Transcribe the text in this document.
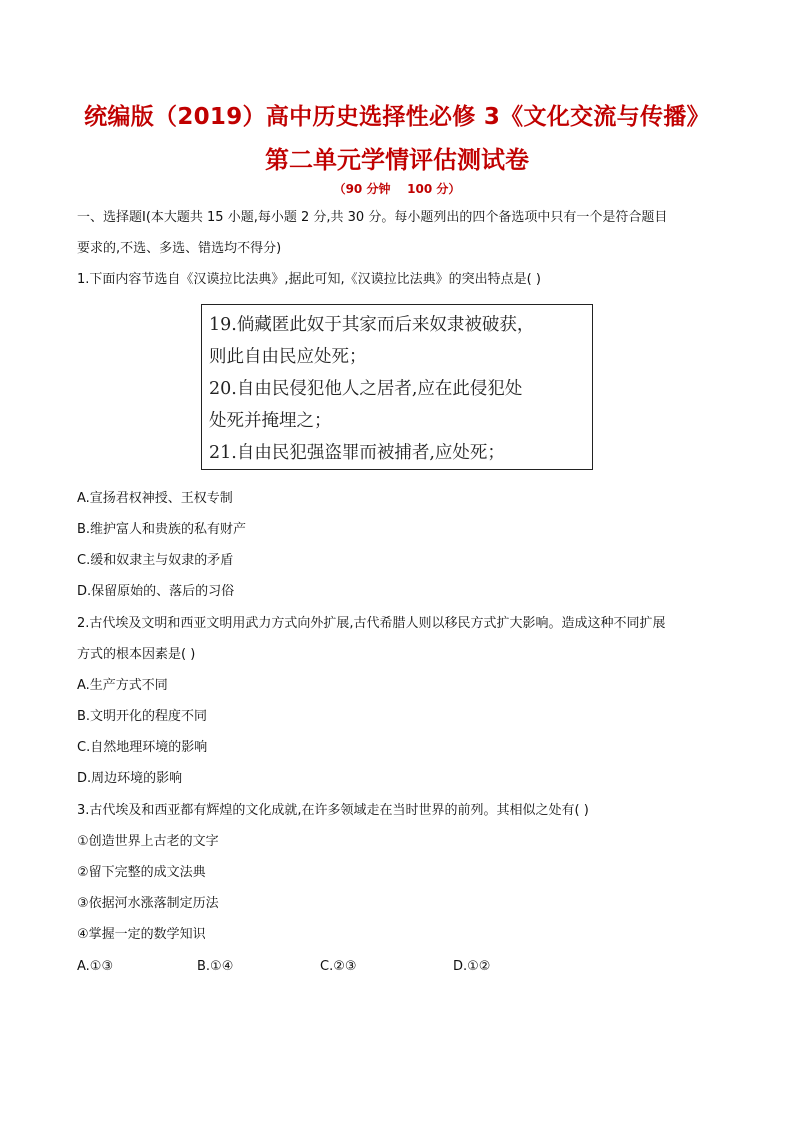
统编版（2019）高中历史选择性必修 3《文化交流与传播》
第二单元学情评估测试卷
（90 分钟    100 分）
一、选择题Ⅰ(本大题共 15 小题,每小题 2 分,共 30 分。每小题列出的四个备选项中只有一个是符合题目
要求的,不选、多选、错选均不得分)
1.下面内容节选自《汉谟拉比法典》,据此可知,《汉谟拉比法典》的突出特点是( )
19.倘藏匿此奴于其家而后来奴隶被破获，
则此自由民应处死；
20.自由民侵犯他人之居者,应在此侵犯处
处死并掩埋之；
21.自由民犯强盗罪而被捕者,应处死；
A.宣扬君权神授、王权专制
B.维护富人和贵族的私有财产
C.缓和奴隶主与奴隶的矛盾
D.保留原始的、落后的习俗
2.古代埃及文明和西亚文明用武力方式向外扩展,古代希腊人则以移民方式扩大影响。造成这种不同扩展
方式的根本因素是( )
A.生产方式不同
B.文明开化的程度不同
C.自然地理环境的影响
D.周边环境的影响
3.古代埃及和西亚都有辉煌的文化成就,在许多领域走在当时世界的前列。其相似之处有( )
①创造世界上古老的文字
②留下完整的成文法典
③依据河水涨落制定历法
④掌握一定的数学知识
A.①③	B.①④	C.②③	D.①②
